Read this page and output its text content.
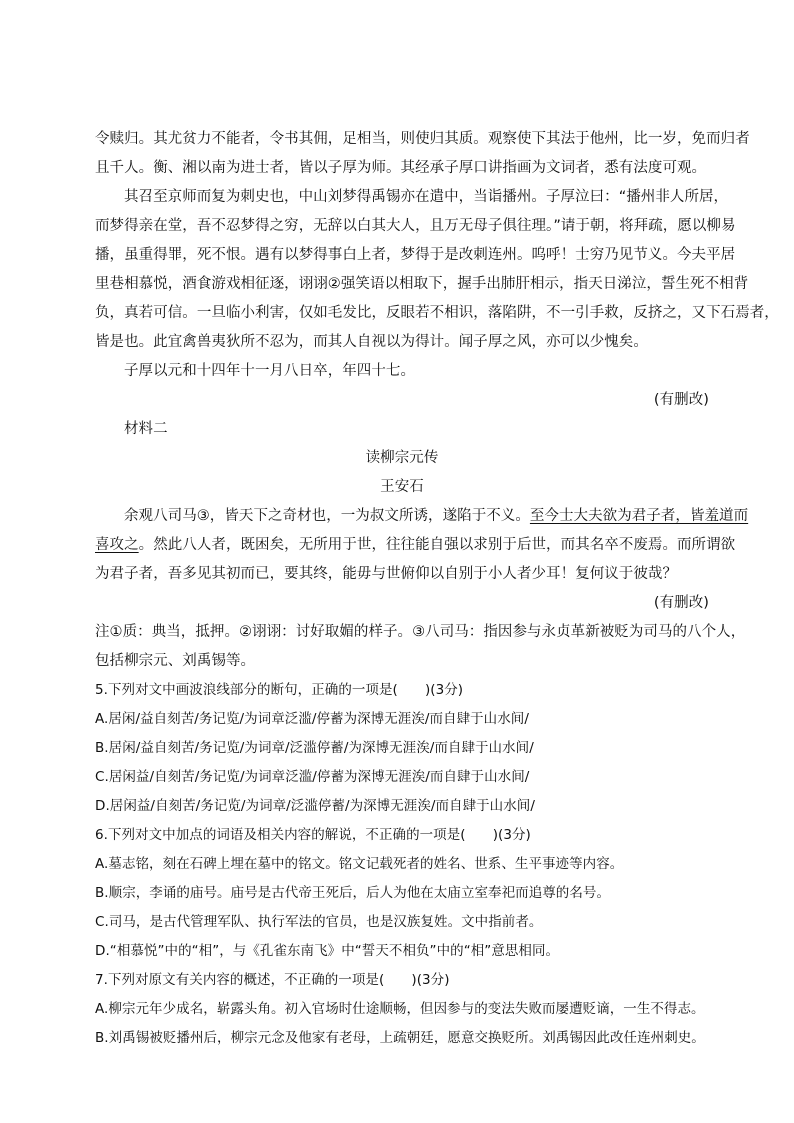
令赎归。其尤贫力不能者，令书其佣，足相当，则使归其质。观察使下其法于他州，比一岁，免而归者
且千人。衡、湘以南为进士者，皆以子厚为师。其经承子厚口讲指画为文词者，悉有法度可观。
其召至京师而复为刺史也，中山刘梦得禹锡亦在遣中，当诣播州。子厚泣曰：“播州非人所居，
而梦得亲在堂，吾不忍梦得之穷，无辞以白其大人，且万无母子俱往理。”请于朝，将拜疏，愿以柳易
播，虽重得罪，死不恨。遇有以梦得事白上者，梦得于是改刺连州。呜呼！士穷乃见节义。今夫平居
里巷相慕悦，酒食游戏相征逐，诩诩②强笑语以相取下，握手出肺肝相示，指天日涕泣，誓生死不相背
负，真若可信。一旦临小利害，仅如毛发比，反眼若不相识，落陷阱，不一引手救，反挤之，又下石焉者，
皆是也。此宜禽兽夷狄所不忍为，而其人自视以为得计。闻子厚之风，亦可以少愧矣。
子厚以元和十四年十一月八日卒，年四十七。
(有删改)
材料二
读柳宗元传
王安石
余观八司马③，皆天下之奇材也，一为叔文所诱，遂陷于不义。至今士大夫欲为君子者，皆羞道而
喜攻之。然此八人者，既困矣，无所用于世，往往能自强以求别于后世，而其名卒不废焉。而所谓欲
为君子者，吾多见其初而已，要其终，能毋与世俯仰以自别于小人者少耳！复何议于彼哉？
(有删改)
注①质：典当，抵押。②诩诩：讨好取媚的样子。③八司马：指因参与永贞革新被贬为司马的八个人，
包括柳宗元、刘禹锡等。
5.下列对文中画波浪线部分的断句，正确的一项是(　　)(3分)
A.居闲/益自刻苦/务记览/为词章泛滥/停蓄为深博无涯涘/而自肆于山水间/
B.居闲/益自刻苦/务记览/为词章/泛滥停蓄/为深博无涯涘/而自肆于山水间/
C.居闲益/自刻苦/务记览/为词章泛滥/停蓄为深博无涯涘/而自肆于山水间/
D.居闲益/自刻苦/务记览/为词章/泛滥停蓄/为深博无涯涘/而自肆于山水间/
6.下列对文中加点的词语及相关内容的解说，不正确的一项是(　　)(3分)
A.墓志铭，刻在石碑上埋在墓中的铭文。铭文记载死者的姓名、世系、生平事迹等内容。
B.顺宗，李诵的庙号。庙号是古代帝王死后，后人为他在太庙立室奉祀而追尊的名号。
C.司马，是古代管理军队、执行军法的官员，也是汉族复姓。文中指前者。
D.“相慕悦”中的“相”，与《孔雀东南飞》中“誓天不相负”中的“相”意思相同。
7.下列对原文有关内容的概述，不正确的一项是(　　)(3分)
A.柳宗元年少成名，崭露头角。初入官场时仕途顺畅，但因参与的变法失败而屡遭贬谪，一生不得志。
B.刘禹锡被贬播州后，柳宗元念及他家有老母，上疏朝廷，愿意交换贬所。刘禹锡因此改任连州刺史。
